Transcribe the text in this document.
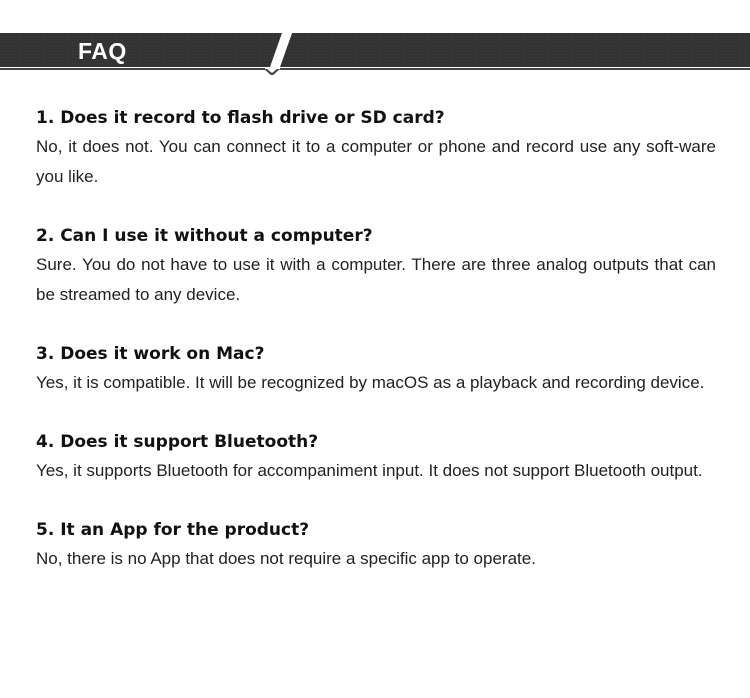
FAQ

1. Does it record to flash drive or SD card?

No, it does not. You can connect it to a computer or phone and record use any soft-ware you like.

2. Can I use it without a computer?

Sure. You do not have to use it with a computer. There are three analog outputs that can be streamed to any device.

3. Does it work on Mac?

Yes, it is compatible. It will be recognized by macOS as a playback and recording device.

4. Does it support Bluetooth?

Yes, it supports Bluetooth for accompaniment input. It does not support Bluetooth output.

5. It an App for the product?

No, there is no App that does not require a specific app to operate.
